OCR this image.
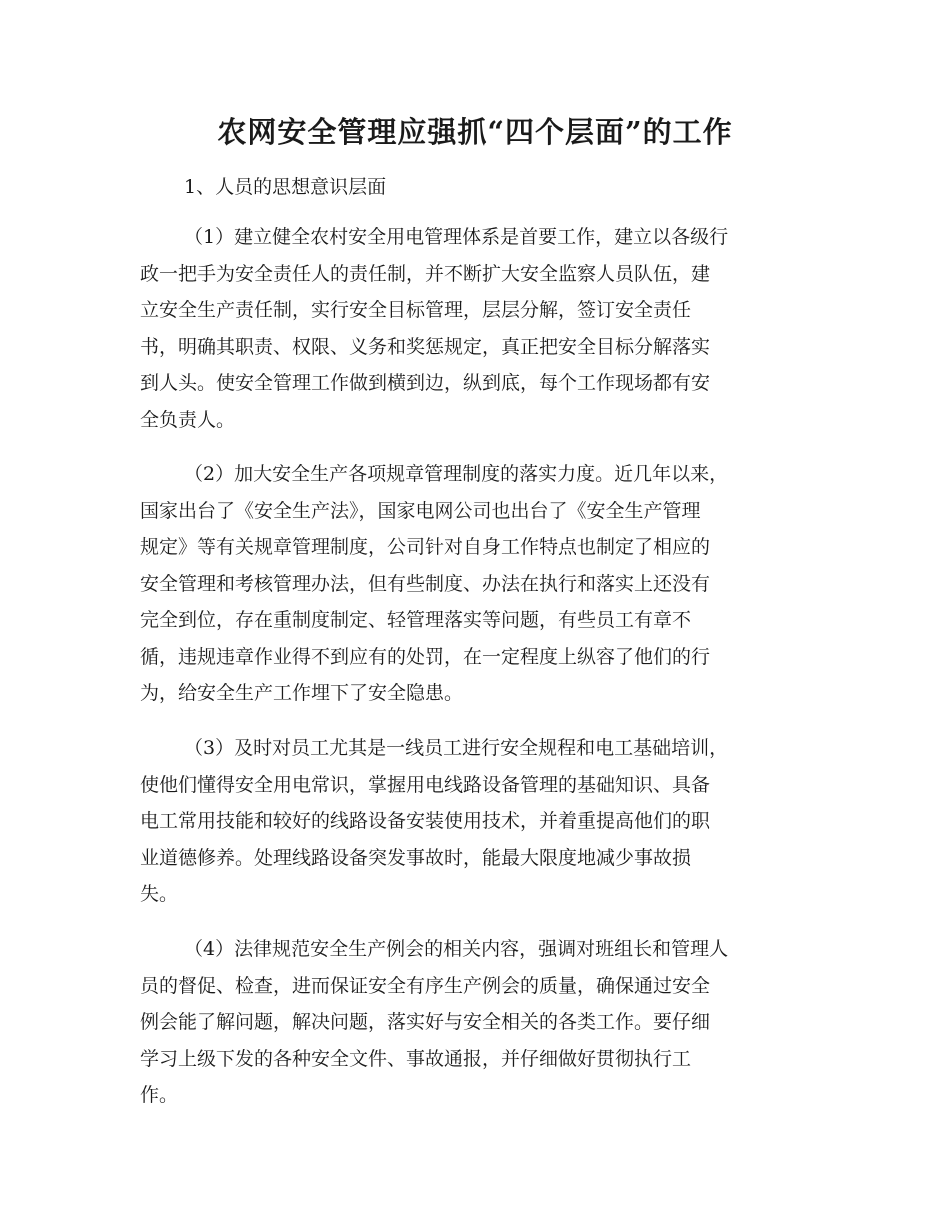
农网安全管理应强抓“四个层面”的工作

1、人员的思想意识层面

（1）建立健全农村安全用电管理体系是首要工作，建立以各级行
政一把手为安全责任人的责任制，并不断扩大安全监察人员队伍，建
立安全生产责任制，实行安全目标管理，层层分解，签订安全责任
书，明确其职责、权限、义务和奖惩规定，真正把安全目标分解落实
到人头。使安全管理工作做到横到边，纵到底，每个工作现场都有安
全负责人。

（2）加大安全生产各项规章管理制度的落实力度。近几年以来，
国家出台了《安全生产法》，国家电网公司也出台了《安全生产管理
规定》等有关规章管理制度，公司针对自身工作特点也制定了相应的
安全管理和考核管理办法，但有些制度、办法在执行和落实上还没有
完全到位，存在重制度制定、轻管理落实等问题，有些员工有章不
循，违规违章作业得不到应有的处罚，在一定程度上纵容了他们的行
为，给安全生产工作埋下了安全隐患。

（3）及时对员工尤其是一线员工进行安全规程和电工基础培训，
使他们懂得安全用电常识，掌握用电线路设备管理的基础知识、具备
电工常用技能和较好的线路设备安装使用技术，并着重提高他们的职
业道德修养。处理线路设备突发事故时，能最大限度地减少事故损
失。

（4）法律规范安全生产例会的相关内容，强调对班组长和管理人
员的督促、检查，进而保证安全有序生产例会的质量，确保通过安全
例会能了解问题，解决问题，落实好与安全相关的各类工作。要仔细
学习上级下发的各种安全文件、事故通报，并仔细做好贯彻执行工
作。
